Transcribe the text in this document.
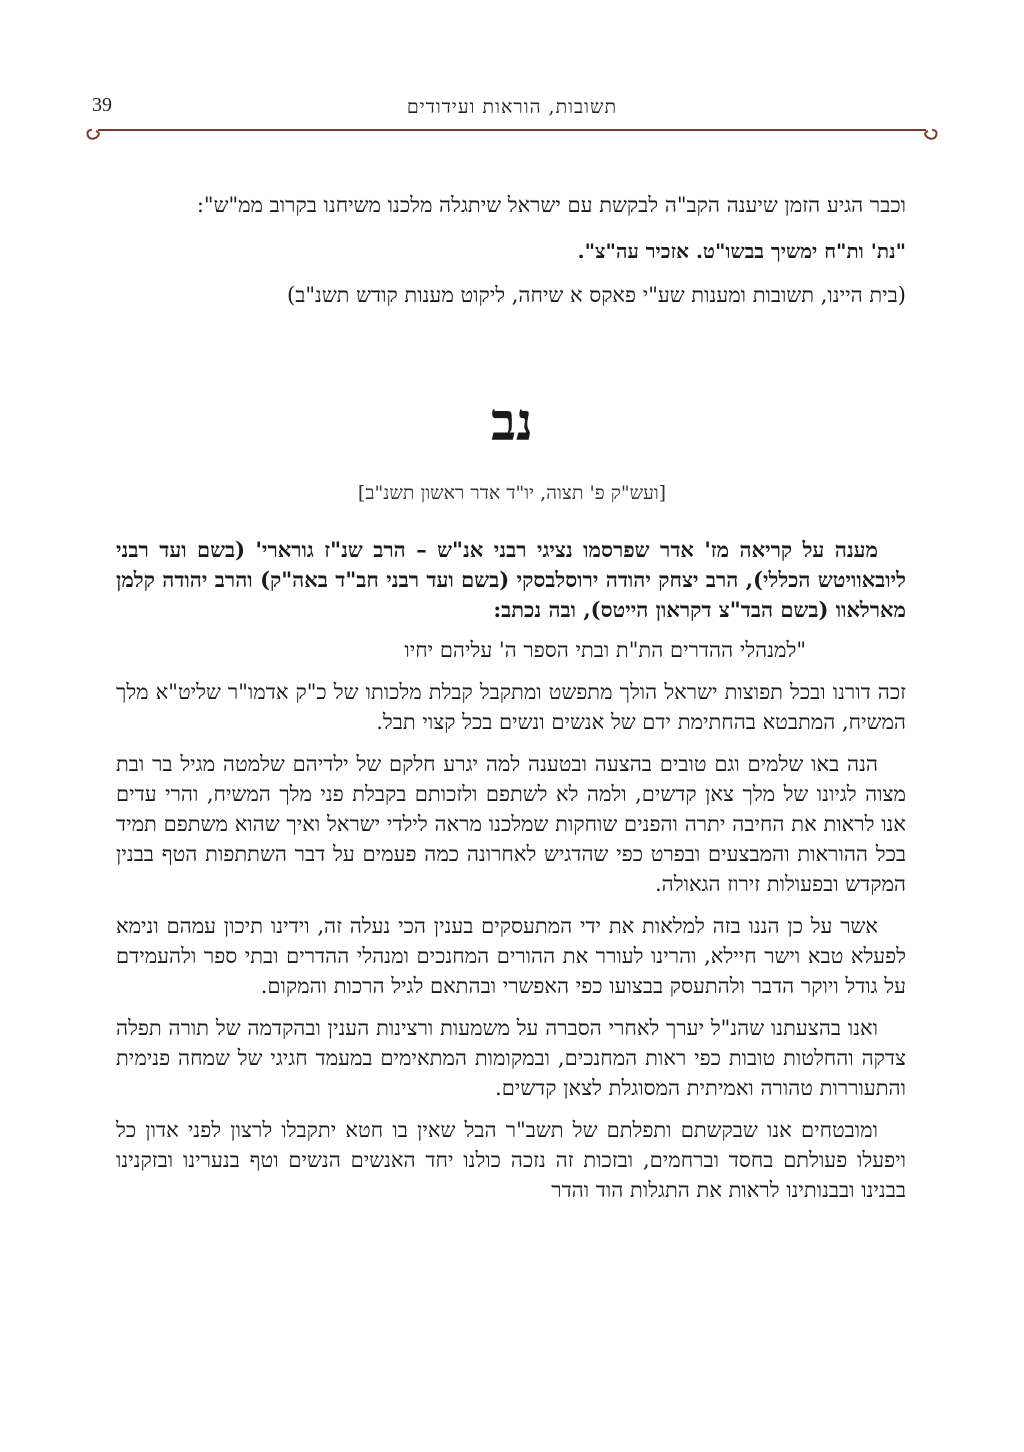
39	תשובות, הוראות ועידודים

וכבר הגיע הזמן שיענה הקב"ה לבקשת עם ישראל שיתגלה מלכנו משיחנו בקרוב ממ"ש":

"נת' ות"ח ימשיך בבשו"ט. אזכיר עה"צ".

(בית היינו, תשובות ומענות שע"י פאקס א שיחה, ליקוט מענות קודש תשנ"ב)

נב
[ועש"ק פ' תצוה, יו"ד אדר ראשון תשנ"ב]

מענה על קריאה מז' אדר שפרסמו נציגי רבני אנ"ש – הרב שנ"ז גורארי' (בשם ועד רבני ליובאוויטש הכללי), הרב יצחק יהודה ירוסלבסקי (בשם ועד רבני חב"ד באה"ק) והרב יהודה קלמן מארלאוו (בשם הבד"צ דקראון הייטס), ובה נכתב:

"למנהלי ההדרים הת"ת ובתי הספר ה' עליהם יחיו

זכה דורנו ובכל תפוצות ישראל הולך מתפשט ומתקבל קבלת מלכותו של כ"ק אדמו"ר שליט"א מלך המשיח, המתבטא בהחתימת ידם של אנשים ונשים בכל קצוי תבל.

הנה באו שלמים וגם טובים בהצעה ובטענה למה יגרע חלקם של ילדיהם שלמטה מגיל בר ובת מצוה לגיונו של מלך צאן קדשים, ולמה לא לשתפם ולזכותם בקבלת פני מלך המשיח, והרי עדים אנו לראות את החיבה יתרה והפנים שוחקות שמלכנו מראה לילדי ישראל ואיך שהוא משתפם תמיד בכל ההוראות והמבצעים ובפרט כפי שהדגיש לאחרונה כמה פעמים על דבר השתתפות הטף בבנין המקדש ובפעולות זירוז הגאולה.

אשר על כן הננו בזה למלאות את ידי המתעסקים בענין הכי נעלה זה, וידינו תיכון עמהם ונימא לפעלא טבא וישר חיילא, והרינו לעורר את ההורים המחנכים ומנהלי ההדרים ובתי ספר ולהעמידם על גודל ויוקר הדבר ולהתעסק בבצועו כפי האפשרי ובהתאם לגיל הרכות והמקום.

ואנו בהצעתנו שהנ"ל יערך לאחרי הסברה על משמעות ורצינות הענין ובהקדמה של תורה תפלה צדקה והחלטות טובות כפי ראות המחנכים, ובמקומות המתאימים במעמד חגיגי של שמחה פנימית והתעוררות טהורה ואמיתית המסוגלת לצאן קדשים.

ומובטחים אנו שבקשתם ותפלתם של תשב"ר הבל שאין בו חטא יתקבלו לרצון לפני אדון כל ויפעלו פעולתם בחסד וברחמים, ובזכות זה נזכה כולנו יחד האנשים הנשים וטף בנערינו ובזקנינו בבנינו ובבנותינו לראות את התגלות הוד והדר
